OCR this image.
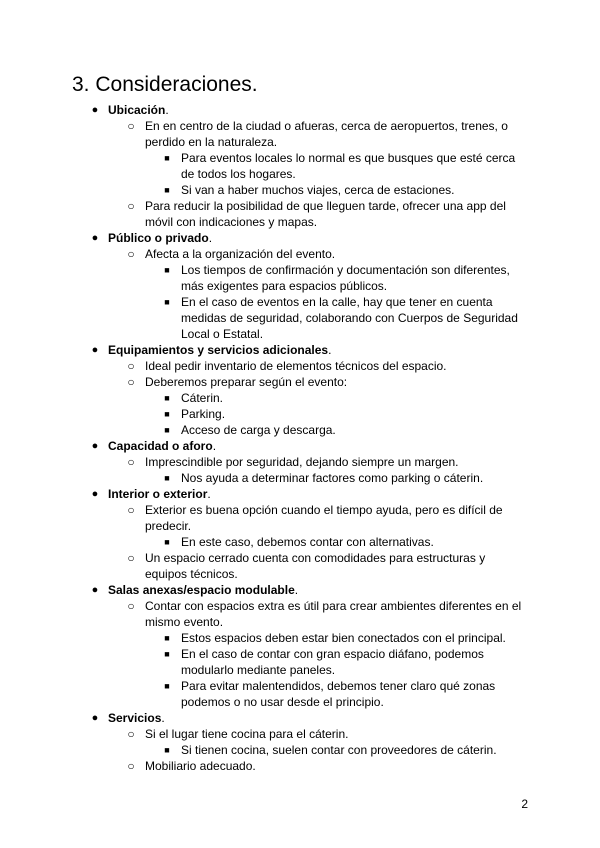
3. Consideraciones.
● Ubicación.
○ En en centro de la ciudad o afueras, cerca de aeropuertos, trenes, o perdido en la naturaleza.
■ Para eventos locales lo normal es que busques que esté cerca de todos los hogares.
■ Si van a haber muchos viajes, cerca de estaciones.
○ Para reducir la posibilidad de que lleguen tarde, ofrecer una app del móvil con indicaciones y mapas.
● Público o privado.
○ Afecta a la organización del evento.
■ Los tiempos de confirmación y documentación son diferentes, más exigentes para espacios públicos.
■ En el caso de eventos en la calle, hay que tener en cuenta medidas de seguridad, colaborando con Cuerpos de Seguridad Local o Estatal.
● Equipamientos y servicios adicionales.
○ Ideal pedir inventario de elementos técnicos del espacio.
○ Deberemos preparar según el evento:
■ Cáterin.
■ Parking.
■ Acceso de carga y descarga.
● Capacidad o aforo.
○ Imprescindible por seguridad, dejando siempre un margen.
■ Nos ayuda a determinar factores como parking o cáterin.
● Interior o exterior.
○ Exterior es buena opción cuando el tiempo ayuda, pero es difícil de predecir.
■ En este caso, debemos contar con alternativas.
○ Un espacio cerrado cuenta con comodidades para estructuras y equipos técnicos.
● Salas anexas/espacio modulable.
○ Contar con espacios extra es útil para crear ambientes diferentes en el mismo evento.
■ Estos espacios deben estar bien conectados con el principal.
■ En el caso de contar con gran espacio diáfano, podemos modularlo mediante paneles.
■ Para evitar malentendidos, debemos tener claro qué zonas podemos o no usar desde el principio.
● Servicios.
○ Si el lugar tiene cocina para el cáterin.
■ Si tienen cocina, suelen contar con proveedores de cáterin.
○ Mobiliario adecuado.
2
